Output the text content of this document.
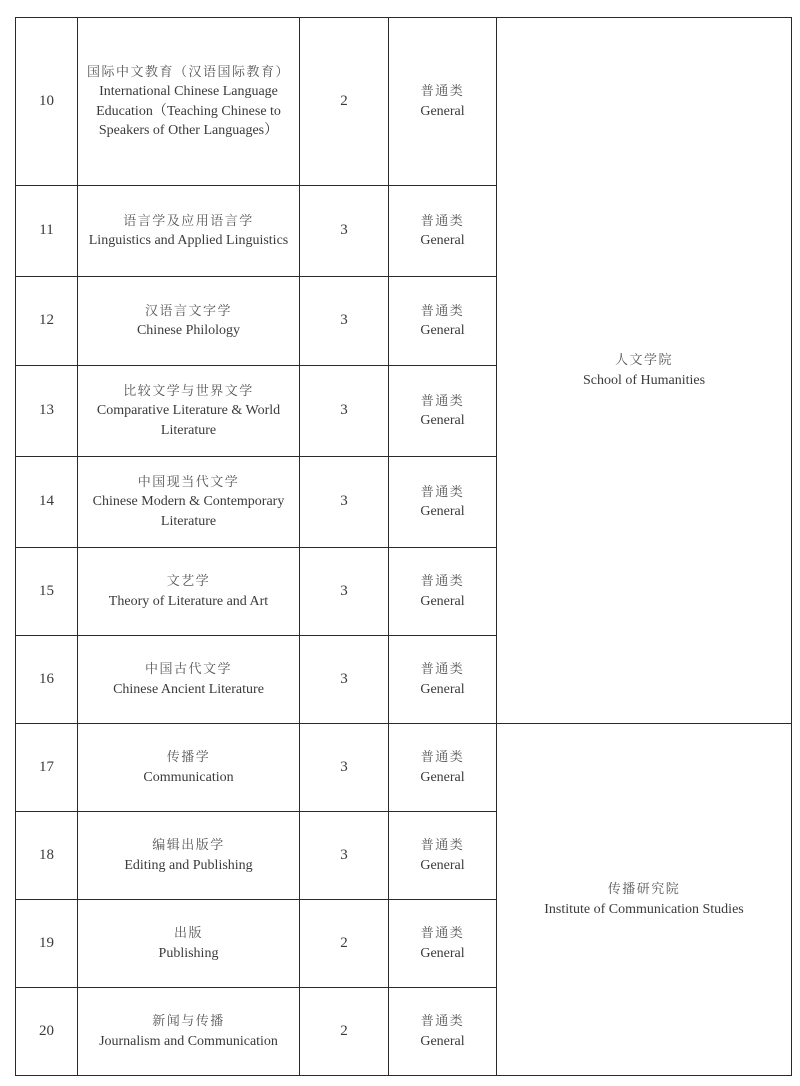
10	国际中文教育（汉语国际教育）
International Chinese Language Education（Teaching Chinese to Speakers of Other Languages）	2	普通类
General	人文学院
School of Humanities

11	语言学及应用语言学
Linguistics and Applied Linguistics	3	普通类
General	

12	汉语言文字学
Chinese Philology	3	普通类
General	

13	比较文学与世界文学
Comparative Literature & World Literature	3	普通类
General	

14	中国现当代文学
Chinese Modern & Contemporary Literature	3	普通类
General	

15	文艺学
Theory of Literature and Art	3	普通类
General	

16	中国古代文学
Chinese Ancient Literature	3	普通类
General	

17	传播学
Communication	3	普通类
General	传播研究院
Institute of Communication Studies

18	编辑出版学
Editing and Publishing	3	普通类
General	

19	出版
Publishing	2	普通类
General	

20	新闻与传播
Journalism and Communication	2	普通类
General	
